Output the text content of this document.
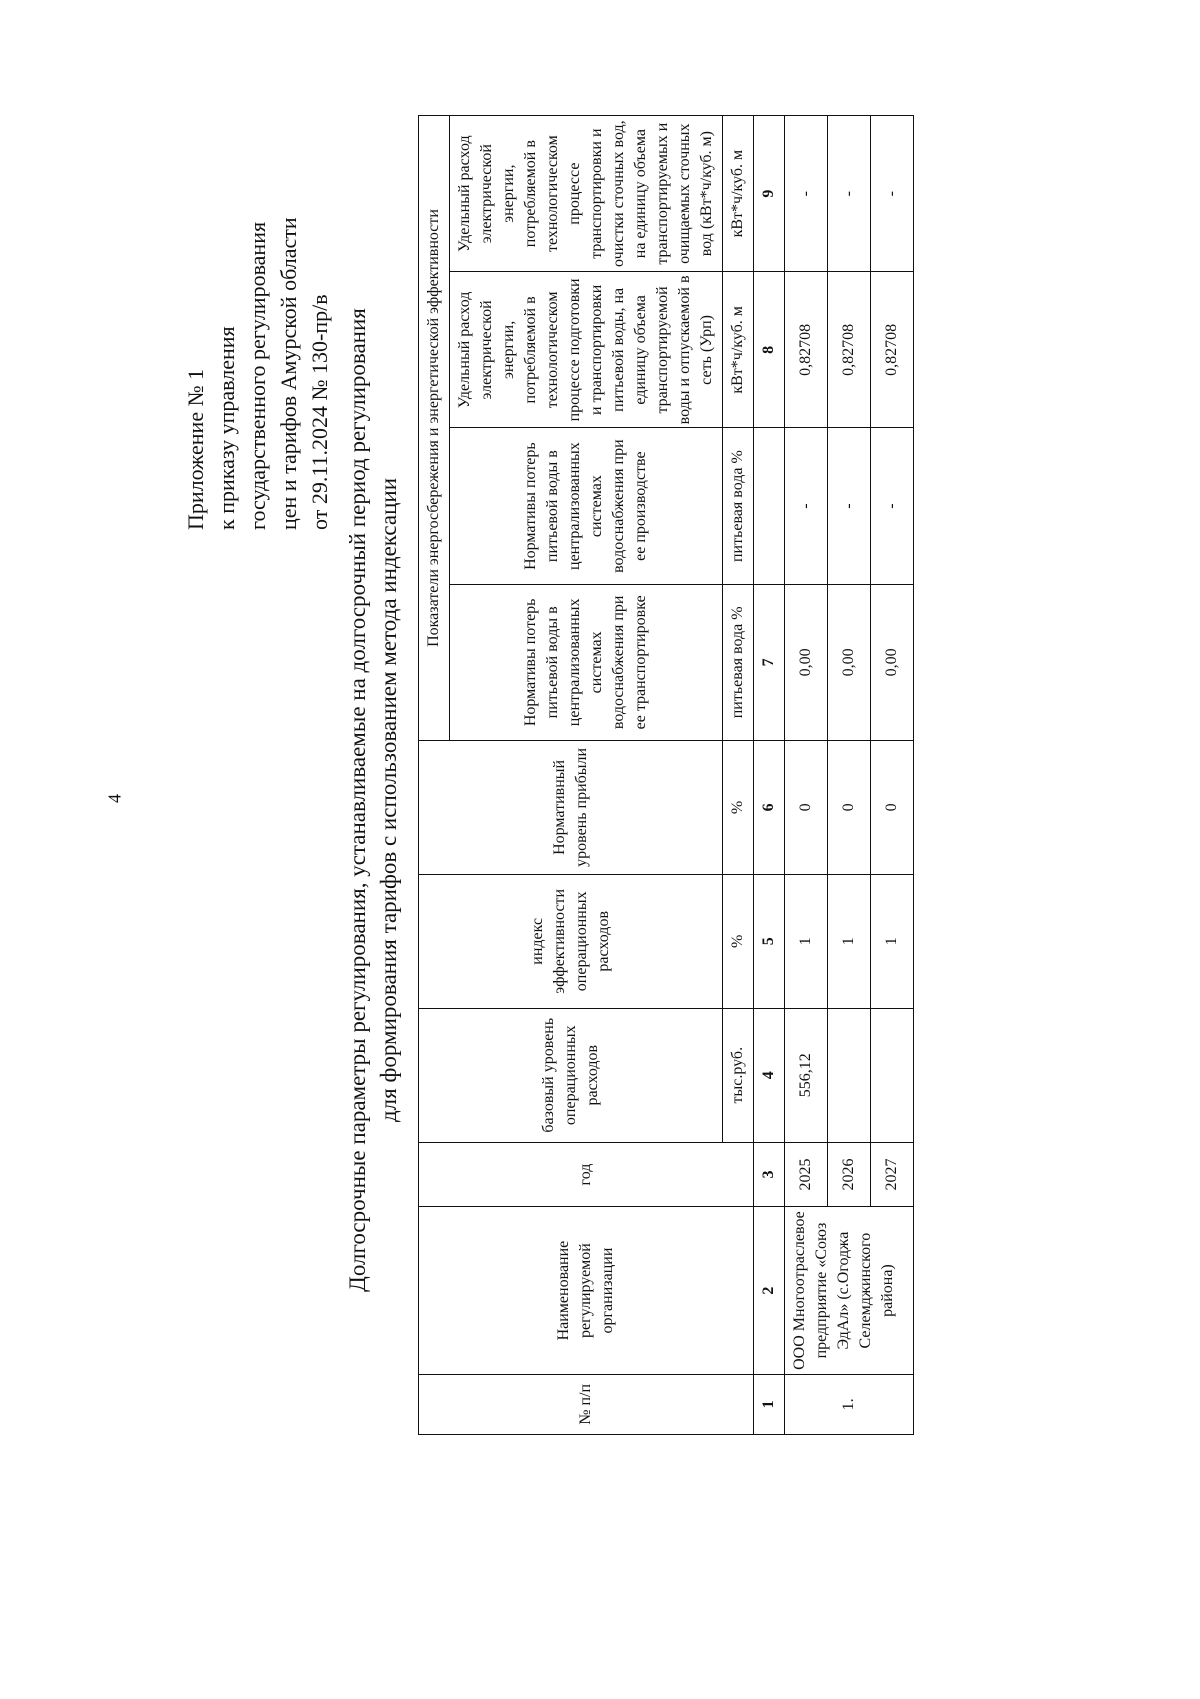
4
Приложение № 1 к приказу управления государственного регулирования цен и тарифов Амурской области от 29.11.2024 № 130-пр/в Долгосрочные параметры регулирования, устанавливаемые на долгосрочный период регулирования для формирования тарифов с использованием метода индексации
№ п/п	Наименование регулируемой организации	год	базовый уровень операционных расходов	индекс эффективности операционных расходов	Нормативный уровень прибыли	Показатели энергосбережения и энергетической эффективности			
						Нормативы потерь питьевой воды в централизованных системах водоснабжения при ее транспортировке	Нормативы потерь питьевой воды в централизованных системах водоснабжения при ее производстве	Удельный расход электрической энергии, потребляемой в технологическом процессе подготовки и транспортировки питьевой воды, на единицу объема транспортируемой воды и отпускаемой в сеть (Урп)	Удельный расход электрической энергии, потребляемой в технологическом процессе транспортировки и очистки сточных вод, на единицу объема транспортируемых и очищаемых сточных вод (кВт*ч/куб. м)
			тыс.руб.	%	%	питьевая вода %	питьевая вода %	кВт*ч/куб. м	кВт*ч/куб. м
1	2	3	4	5	6	7		8	9
1.	ООО Многоотраслевое предприятие «Союз ЭдАл» (с.Огоджа Селемджинского района)	2025	556,12	1	0	0,00	-	0,82708	-
		2026		1	0	0,00	-	0,82708	-
		2027		1	0	0,00	-	0,82708	-
